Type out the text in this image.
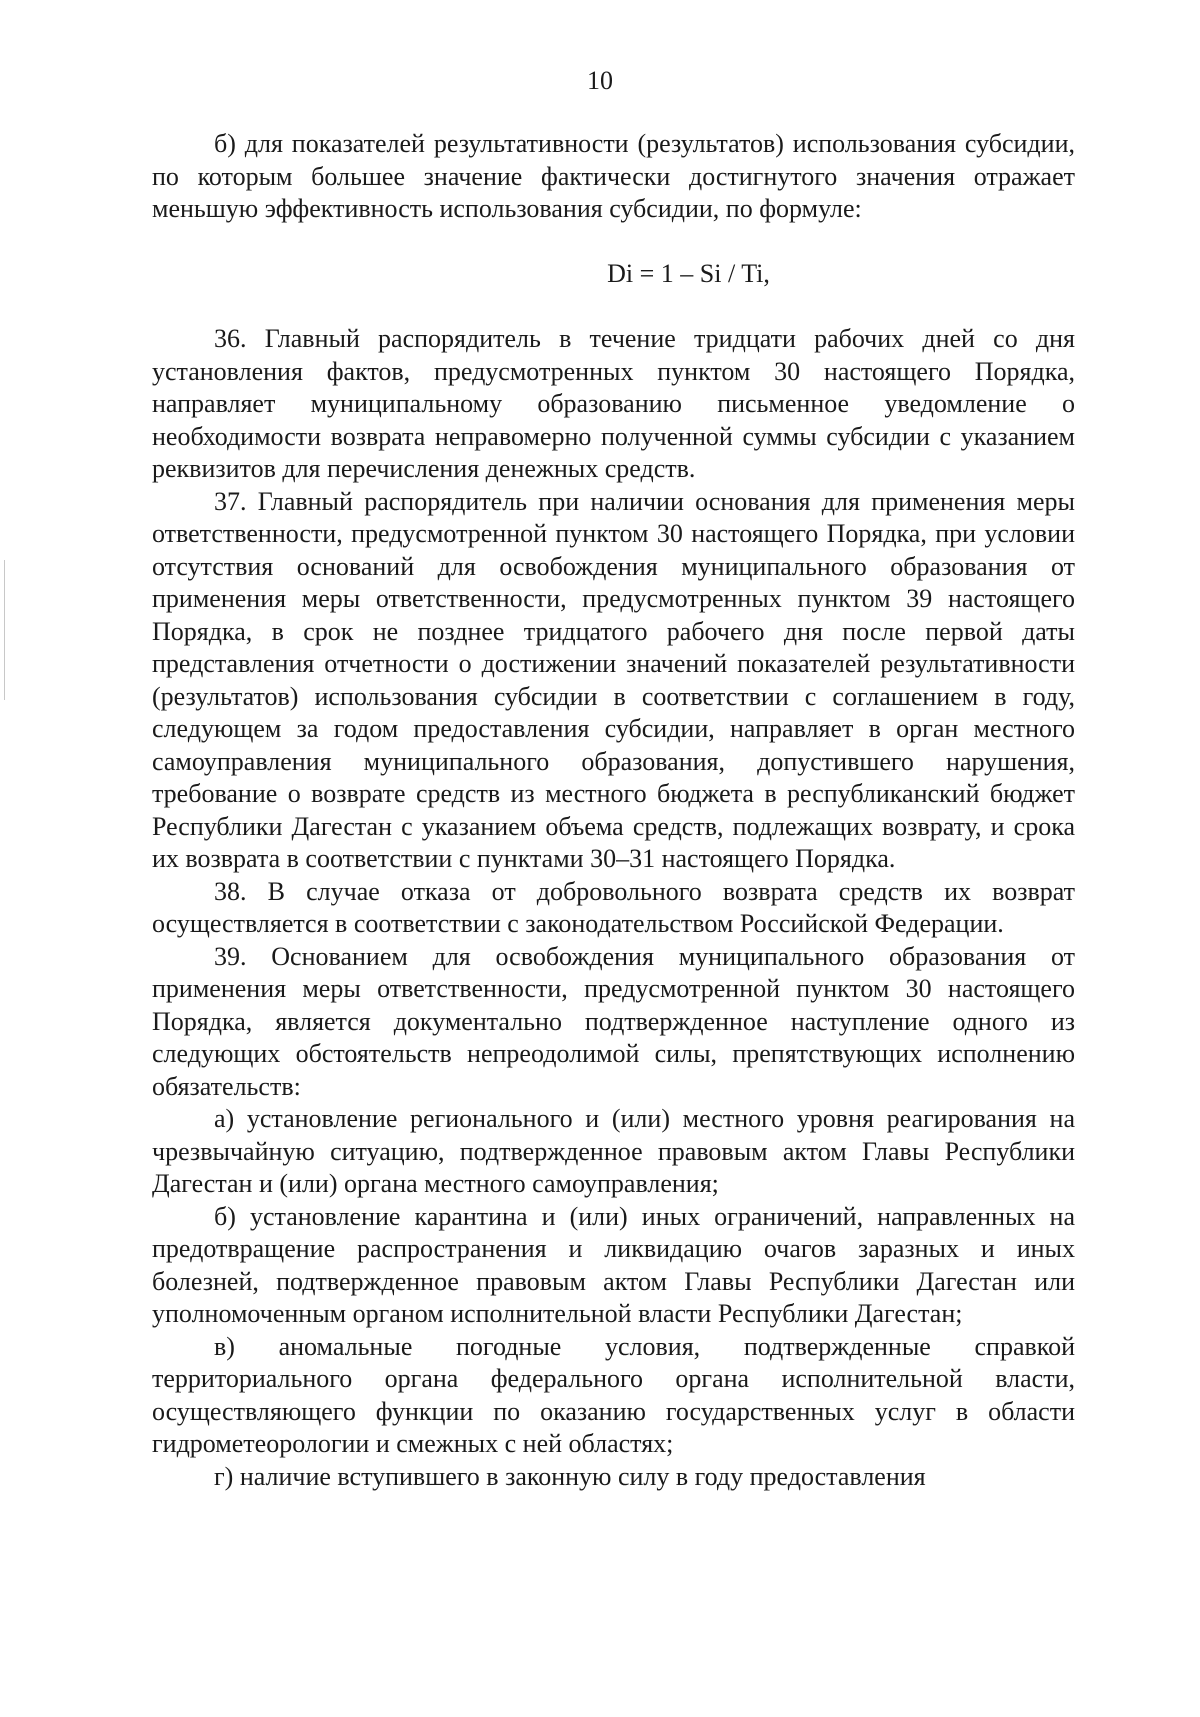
10

б) для показателей результативности (результатов) использования субсидии, по которым большее значение фактически достигнутого значения отражает меньшую эффективность использования субсидии, по формуле:

Di = 1 – Si / Ti,

36. Главный распорядитель в течение тридцати рабочих дней со дня установления фактов, предусмотренных пунктом 30 настоящего Порядка, направляет муниципальному образованию письменное уведомление о необходимости возврата неправомерно полученной суммы субсидии с указанием реквизитов для перечисления денежных средств.

37. Главный распорядитель при наличии основания для применения меры ответственности, предусмотренной пунктом 30 настоящего Порядка, при условии отсутствия оснований для освобождения муниципального образования от применения меры ответственности, предусмотренных пунктом 39 настоящего Порядка, в срок не позднее тридцатого рабочего дня после первой даты представления отчетности о достижении значений показателей результативности (результатов) использования субсидии в соответствии с соглашением в году, следующем за годом предоставления субсидии, направляет в орган местного самоуправления муниципального образования, допустившего нарушения, требование о возврате средств из местного бюджета в республиканский бюджет Республики Дагестан с указанием объема средств, подлежащих возврату, и срока их возврата в соответствии с пунктами 30–31 настоящего Порядка.

38. В случае отказа от добровольного возврата средств их возврат осуществляется в соответствии с законодательством Российской Федерации.

39. Основанием для освобождения муниципального образования от применения меры ответственности, предусмотренной пунктом 30 настоящего Порядка, является документально подтвержденное наступление одного из следующих обстоятельств непреодолимой силы, препятствующих исполнению обязательств:

а) установление регионального и (или) местного уровня реагирования на чрезвычайную ситуацию, подтвержденное правовым актом Главы Республики Дагестан и (или) органа местного самоуправления;

б) установление карантина и (или) иных ограничений, направленных на предотвращение распространения и ликвидацию очагов заразных и иных болезней, подтвержденное правовым актом Главы Республики Дагестан или уполномоченным органом исполнительной власти Республики Дагестан;

в) аномальные погодные условия, подтвержденные справкой территориального органа федерального органа исполнительной власти, осуществляющего функции по оказанию государственных услуг в области гидрометеорологии и смежных с ней областях;

г) наличие вступившего в законную силу в году предоставления
